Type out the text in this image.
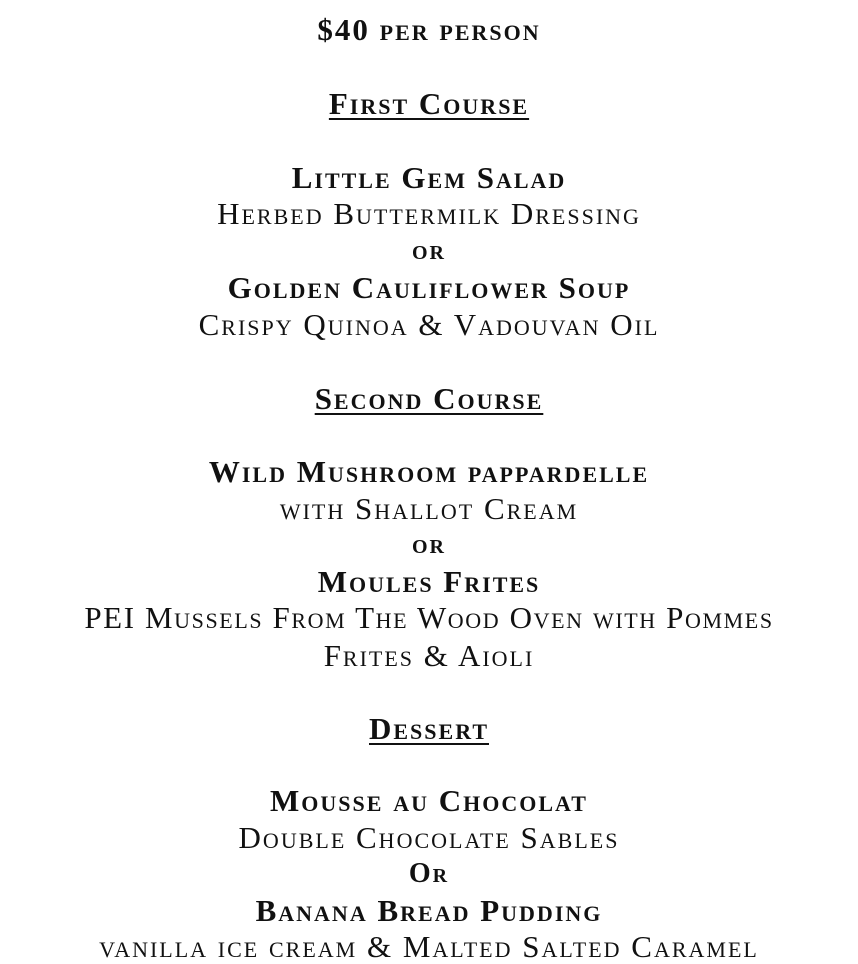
$40 per person
First Course
Little Gem Salad
Herbed Buttermilk Dressing
or
Golden Cauliflower Soup
Crispy Quinoa & Vadouvan Oil
Second Course
Wild Mushroom pappardelle
with Shallot Cream
or
Moules Frites
PEI Mussels From The Wood Oven with Pommes
Frites & Aioli
Dessert
Mousse au Chocolat
Double Chocolate Sables
Or
Banana Bread Pudding
vanilla ice cream & Malted Salted Caramel
